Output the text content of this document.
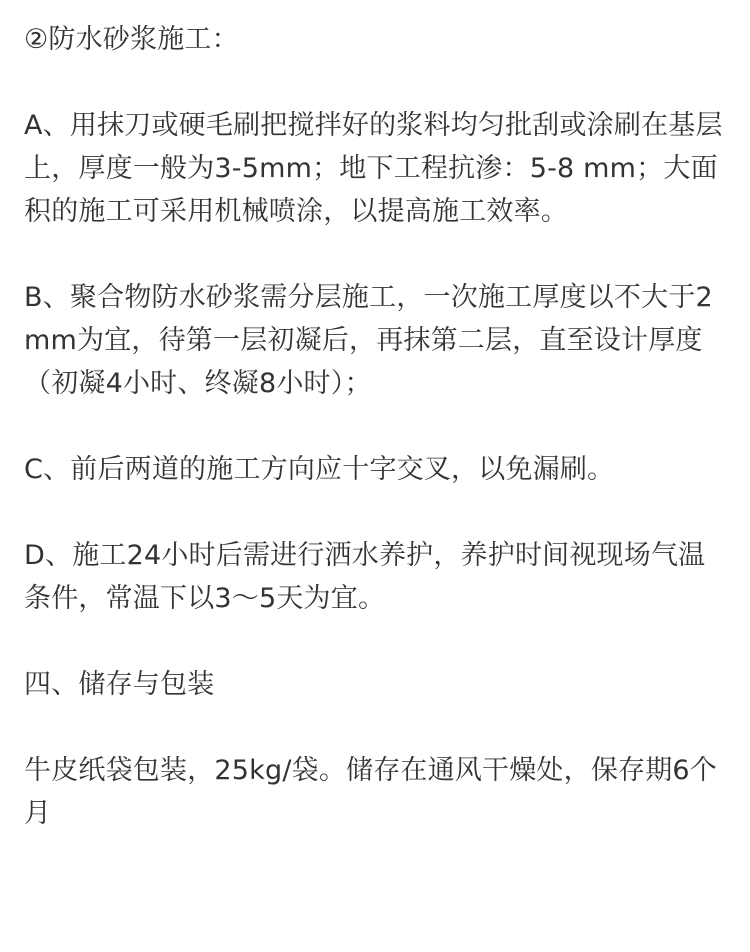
②防水砂浆施工：

A、用抹刀或硬毛刷把搅拌好的浆料均匀批刮或涂刷在基层上，厚度一般为3-5mm；地下工程抗渗：5-8 mm；大面积的施工可采用机械喷涂，以提高施工效率。

B、聚合物防水砂浆需分层施工，一次施工厚度以不大于2 mm为宜，待第一层初凝后，再抹第二层，直至设计厚度（初凝4小时、终凝8小时）；

C、前后两道的施工方向应十字交叉，以免漏刷。

D、施工24小时后需进行洒水养护，养护时间视现场气温条件，常温下以3～5天为宜。

四、储存与包装

牛皮纸袋包装，25kg/袋。储存在通风干燥处，保存期6个月
